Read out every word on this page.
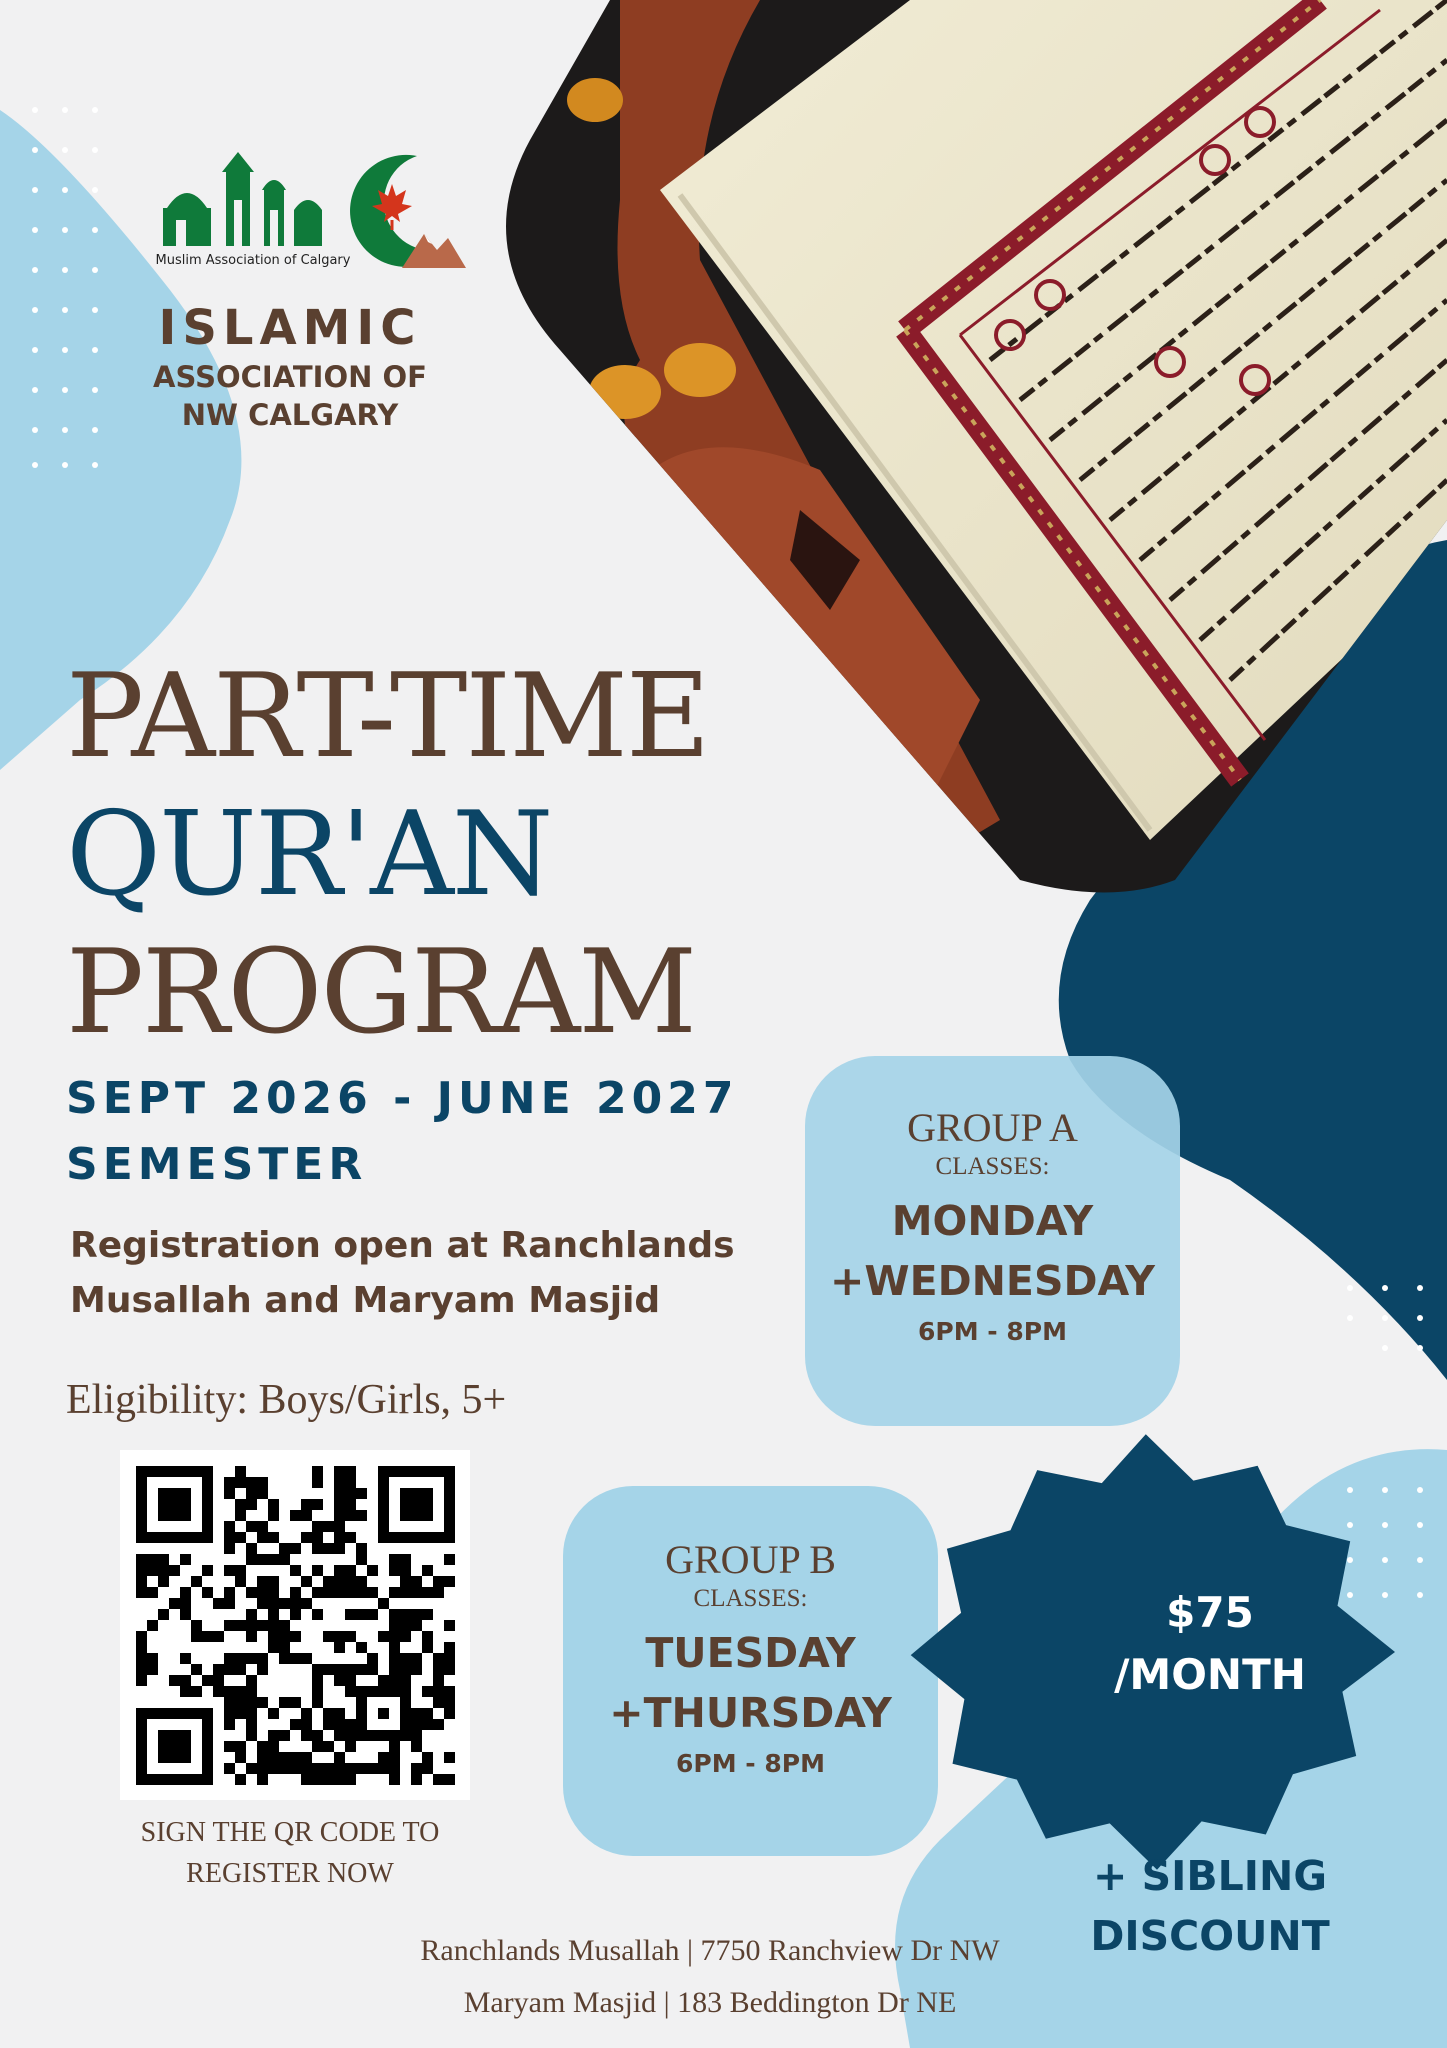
Muslim Association of Calgary
ISLAMIC
ASSOCIATION OF
NW CALGARY
PART-TIME
QUR'AN
PROGRAM
SEPT 2026 - JUNE 2027
SEMESTER
Registration open at Ranchlands
Musallah and Maryam Masjid
Eligibility: Boys/Girls, 5+
SIGN THE QR CODE TO
REGISTER NOW
GROUP A
CLASSES:
MONDAY
+WEDNESDAY
6PM - 8PM
GROUP B
CLASSES:
TUESDAY
+THURSDAY
6PM - 8PM
$75
/MONTH
+ SIBLING
DISCOUNT
Ranchlands Musallah | 7750 Ranchview Dr NW
Maryam Masjid | 183 Beddington Dr NE
